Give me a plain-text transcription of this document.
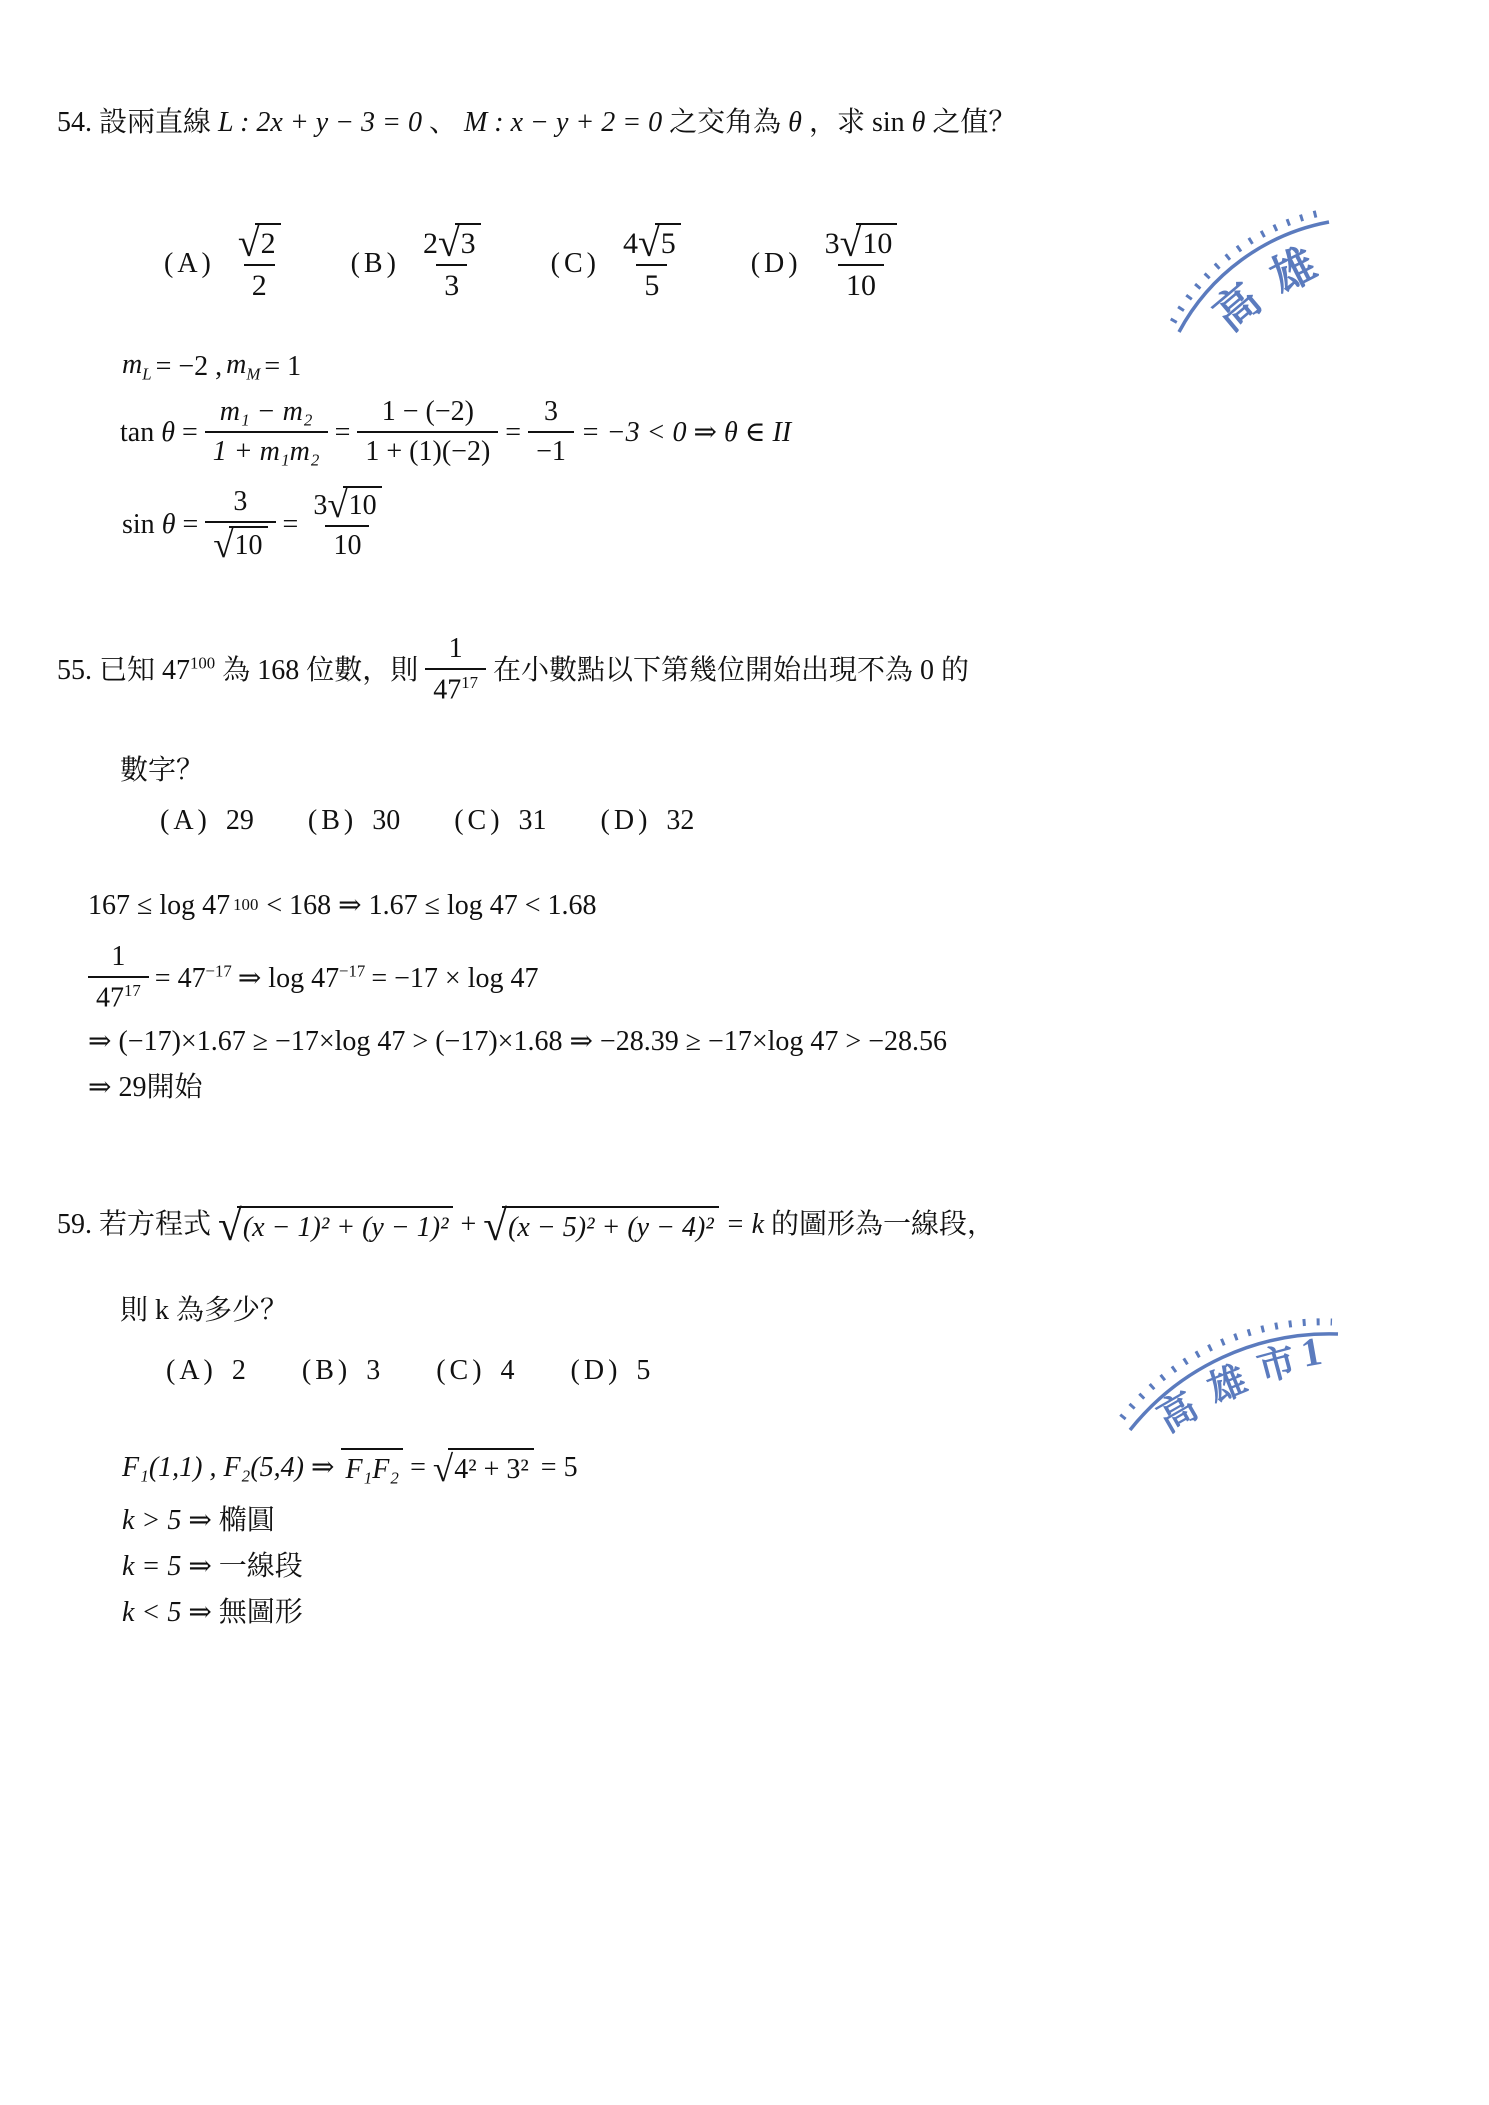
54. 設兩直線 L : 2x + y − 3 = 0 、 M : x − y + 2 = 0 之交角為 θ ，求 sin θ 之值？
$(A) \frac{√2}{2} (B) \frac{2√3}{3} (C) \frac{4√5}{5} (D) \frac{3√10}{10}$
$m_L = -2$ , $m_M = 1$
$\tan \theta = \frac{\text{m₁ − m₂}}{\text{1 + m₁m₂}} = \frac{1 - (-2)}{1 + (1)(-2)} = \frac{3}{-1} = -3 < 0$ ⇒ θ ∈ II
$\sin \theta = \frac{3}{√10} = \frac{3√10}{10}$
55. 已知 $47^{100}$ 為 168 位數，則 $\frac{1}{47^{17}}$ 在小數點以下第幾位開始出現不為 0 的
數字？
(A) 29 (B) 30 (C) 31 (D) 32
167 ≤ log 47 100 < 168 ⇒ 1.67 ≤ log 47 < 1.68
$\frac{1}{47^{17}} = 47^{-17}$ ⇒ $\log 47^{-17} = -17 \times \log 47$
⇒ (−17)×1.67 ≥ −17×log 47 > (−17)×1.68 ⇒ −28.39 ≥ −17×log 47 > −28.56
⇒ 29開始
59. 若方程式 √(x − 1)² + (y − 1)² + √(x − 5)² + (y − 4)² = k 的圖形為一線段，
則 k 為多少？
(A) 2 (B) 3 (C) 4 (D) 5
F₁(1,1) , F₂(5,4) ⇒ F₁F₂ = √4² + 3² = 5
k > 5 ⇒ 橢圓
k = 5 ⇒ 一線段
k < 5 ⇒ 無圖形
高
雄
高
雄 市
1
